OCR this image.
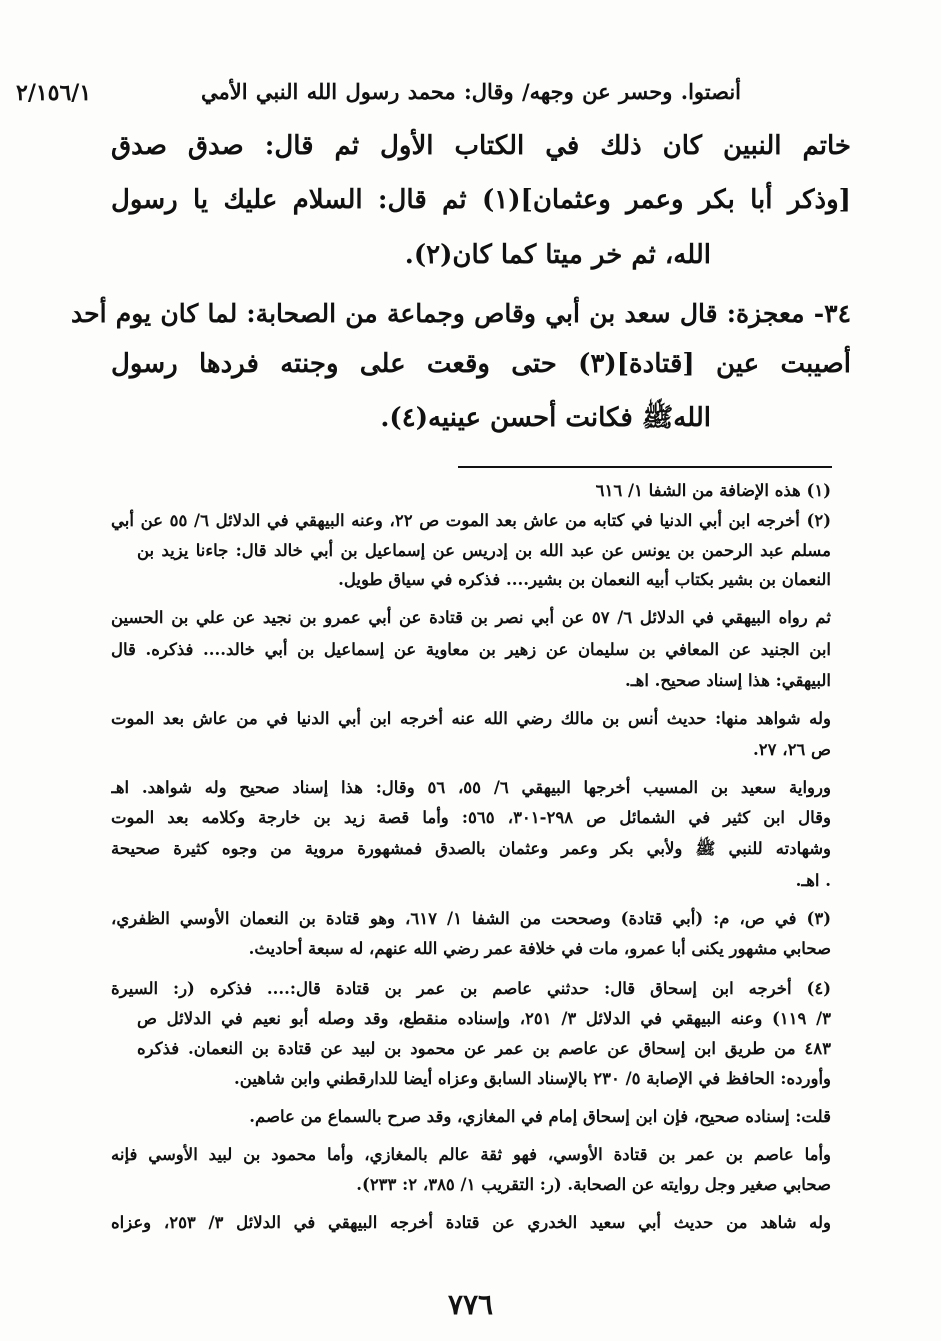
٢/١٥٦/١	أنصتوا. وحسر عن وجهه/ وقال: محمد رسول الله النبي الأمي
خاتم النبين كان ذلك في الكتاب الأول ثم قال: صدق صدق
[وذكر أبا بكر وعمر وعثمان](١) ثم قال: السلام عليك يا رسول
الله، ثم خر ميتا كما كان(٢).
٣٤- معجزة: قال سعد بن أبي وقاص وجماعة من الصحابة: لما كان يوم أحد
أصيبت عين [قتادة](٣) حتى وقعت على وجنته فردها رسول
اللهﷺ فكانت أحسن عينيه(٤).
(١) هذه الإضافة من الشفا ١/ ٦١٦
(٢) أخرجه ابن أبي الدنيا في كتابه من عاش بعد الموت ص ٢٢، وعنه البيهقي في الدلائل ٦/ ٥٥ عن أبي
مسلم عبد الرحمن بن يونس عن عبد الله بن إدريس عن إسماعيل بن أبي خالد قال: جاءنا يزيد بن
النعمان بن بشير بكتاب أبيه النعمان بن بشير.... فذكره في سياق طويل.
ثم رواه البيهقي في الدلائل ٦/ ٥٧ عن أبي نصر بن قتادة عن أبي عمرو بن نجيد عن علي بن الحسين
ابن الجنيد عن المعافي بن سليمان عن زهير بن معاوية عن إسماعيل بن أبي خالد.... فذكره. قال
البيهقي: هذا إسناد صحيح. اهـ.
وله شواهد منها: حديث أنس بن مالك رضي الله عنه أخرجه ابن أبي الدنيا في من عاش بعد الموت
ص ٢٦، ٢٧.
ورواية سعيد بن المسيب أخرجها البيهقي ٦/ ٥٥، ٥٦ وقال: هذا إسناد صحيح وله شواهد. اهـ
وقال ابن كثير في الشمائل ص ٢٩٨-٣٠١، ٥٦٥: وأما قصة زيد بن خارجة وكلامه بعد الموت
وشهادته للنبي ﷺ ولأبي بكر وعمر وعثمان بالصدق فمشهورة مروية من وجوه كثيرة صحيحة
. اهـ.
(٣) في ص، م: (أبي قتادة) وصححت من الشفا ١/ ٦١٧، وهو قتادة بن النعمان الأوسي الظفري،
صحابي مشهور يكنى أبا عمرو، مات في خلافة عمر رضي الله عنهم، له سبعة أحاديث.
(٤) أخرجه ابن إسحاق قال: حدثني عاصم بن عمر بن قتادة قال:.... فذكره (ر: السيرة
٣/ ١١٩) وعنه البيهقي في الدلائل ٣/ ٢٥١، وإسناده منقطع، وقد وصله أبو نعيم في الدلائل ص
٤٨٣ من طريق ابن إسحاق عن عاصم بن عمر عن محمود بن لبيد عن قتادة بن النعمان. فذكره
وأورده: الحافظ في الإصابة ٥/ ٢٣٠ بالإسناد السابق وعزاه أيضا للدارقطني وابن شاهين.
قلت: إسناده صحيح، فإن ابن إسحاق إمام في المغازي، وقد صرح بالسماع من عاصم.
وأما عاصم بن عمر بن قتادة الأوسي، فهو ثقة عالم بالمغازي، وأما محمود بن لبيد الأوسي فإنه
صحابي صغير وجل روايته عن الصحابة. (ر: التقريب ١/ ٣٨٥، ٢: ٢٣٣).
وله شاهد من حديث أبي سعيد الخدري عن قتادة أخرجه البيهقي في الدلائل ٣/ ٢٥٣، وعزاه
٧٧٦
